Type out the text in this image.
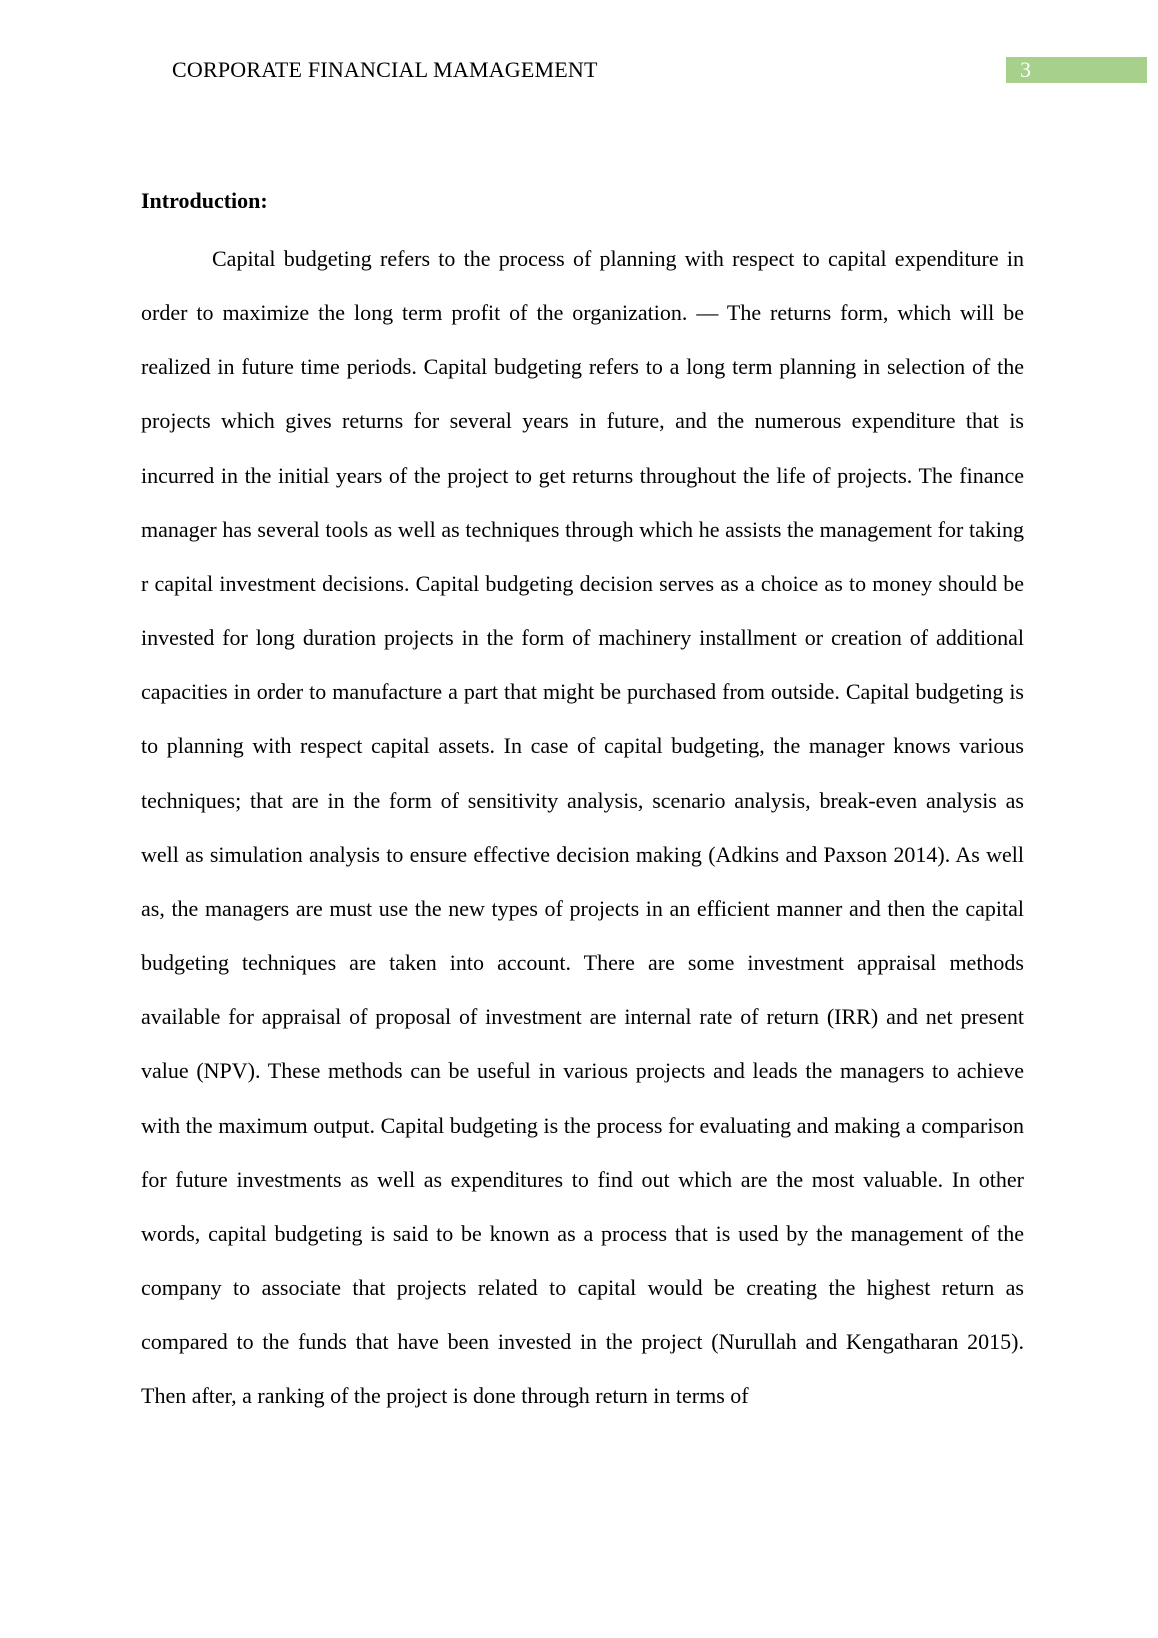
CORPORATE FINANCIAL MAMAGEMENT	3
Introduction:

Capital budgeting refers to the process of planning with respect to capital expenditure in order to maximize the long term profit of the organization. — The returns form, which will be realized in future time periods. Capital budgeting refers to a long term planning in selection of the projects which gives returns for several years in future, and the numerous expenditure that is incurred in the initial years of the project to get returns throughout the life of projects. The finance manager has several tools as well as techniques through which he assists the management for taking r capital investment decisions. Capital budgeting decision serves as a choice as to money should be invested for long duration projects in the form of machinery installment or creation of additional capacities in order to manufacture a part that might be purchased from outside. Capital budgeting is to planning with respect capital assets. In case of capital budgeting, the manager knows various techniques; that are in the form of sensitivity analysis, scenario analysis, break-even analysis as well as simulation analysis to ensure effective decision making (Adkins and Paxson 2014). As well as, the managers are must use the new types of projects in an efficient manner and then the capital budgeting techniques are taken into account. There are some investment appraisal methods available for appraisal of proposal of investment are internal rate of return (IRR) and net present value (NPV). These methods can be useful in various projects and leads the managers to achieve with the maximum output. Capital budgeting is the process for evaluating and making a comparison for future investments as well as expenditures to find out which are the most valuable. In other words, capital budgeting is said to be known as a process that is used by the management of the company to associate that projects related to capital would be creating the highest return as compared to the funds that have been invested in the project (Nurullah and Kengatharan 2015). Then after, a ranking of the project is done through return in terms of
